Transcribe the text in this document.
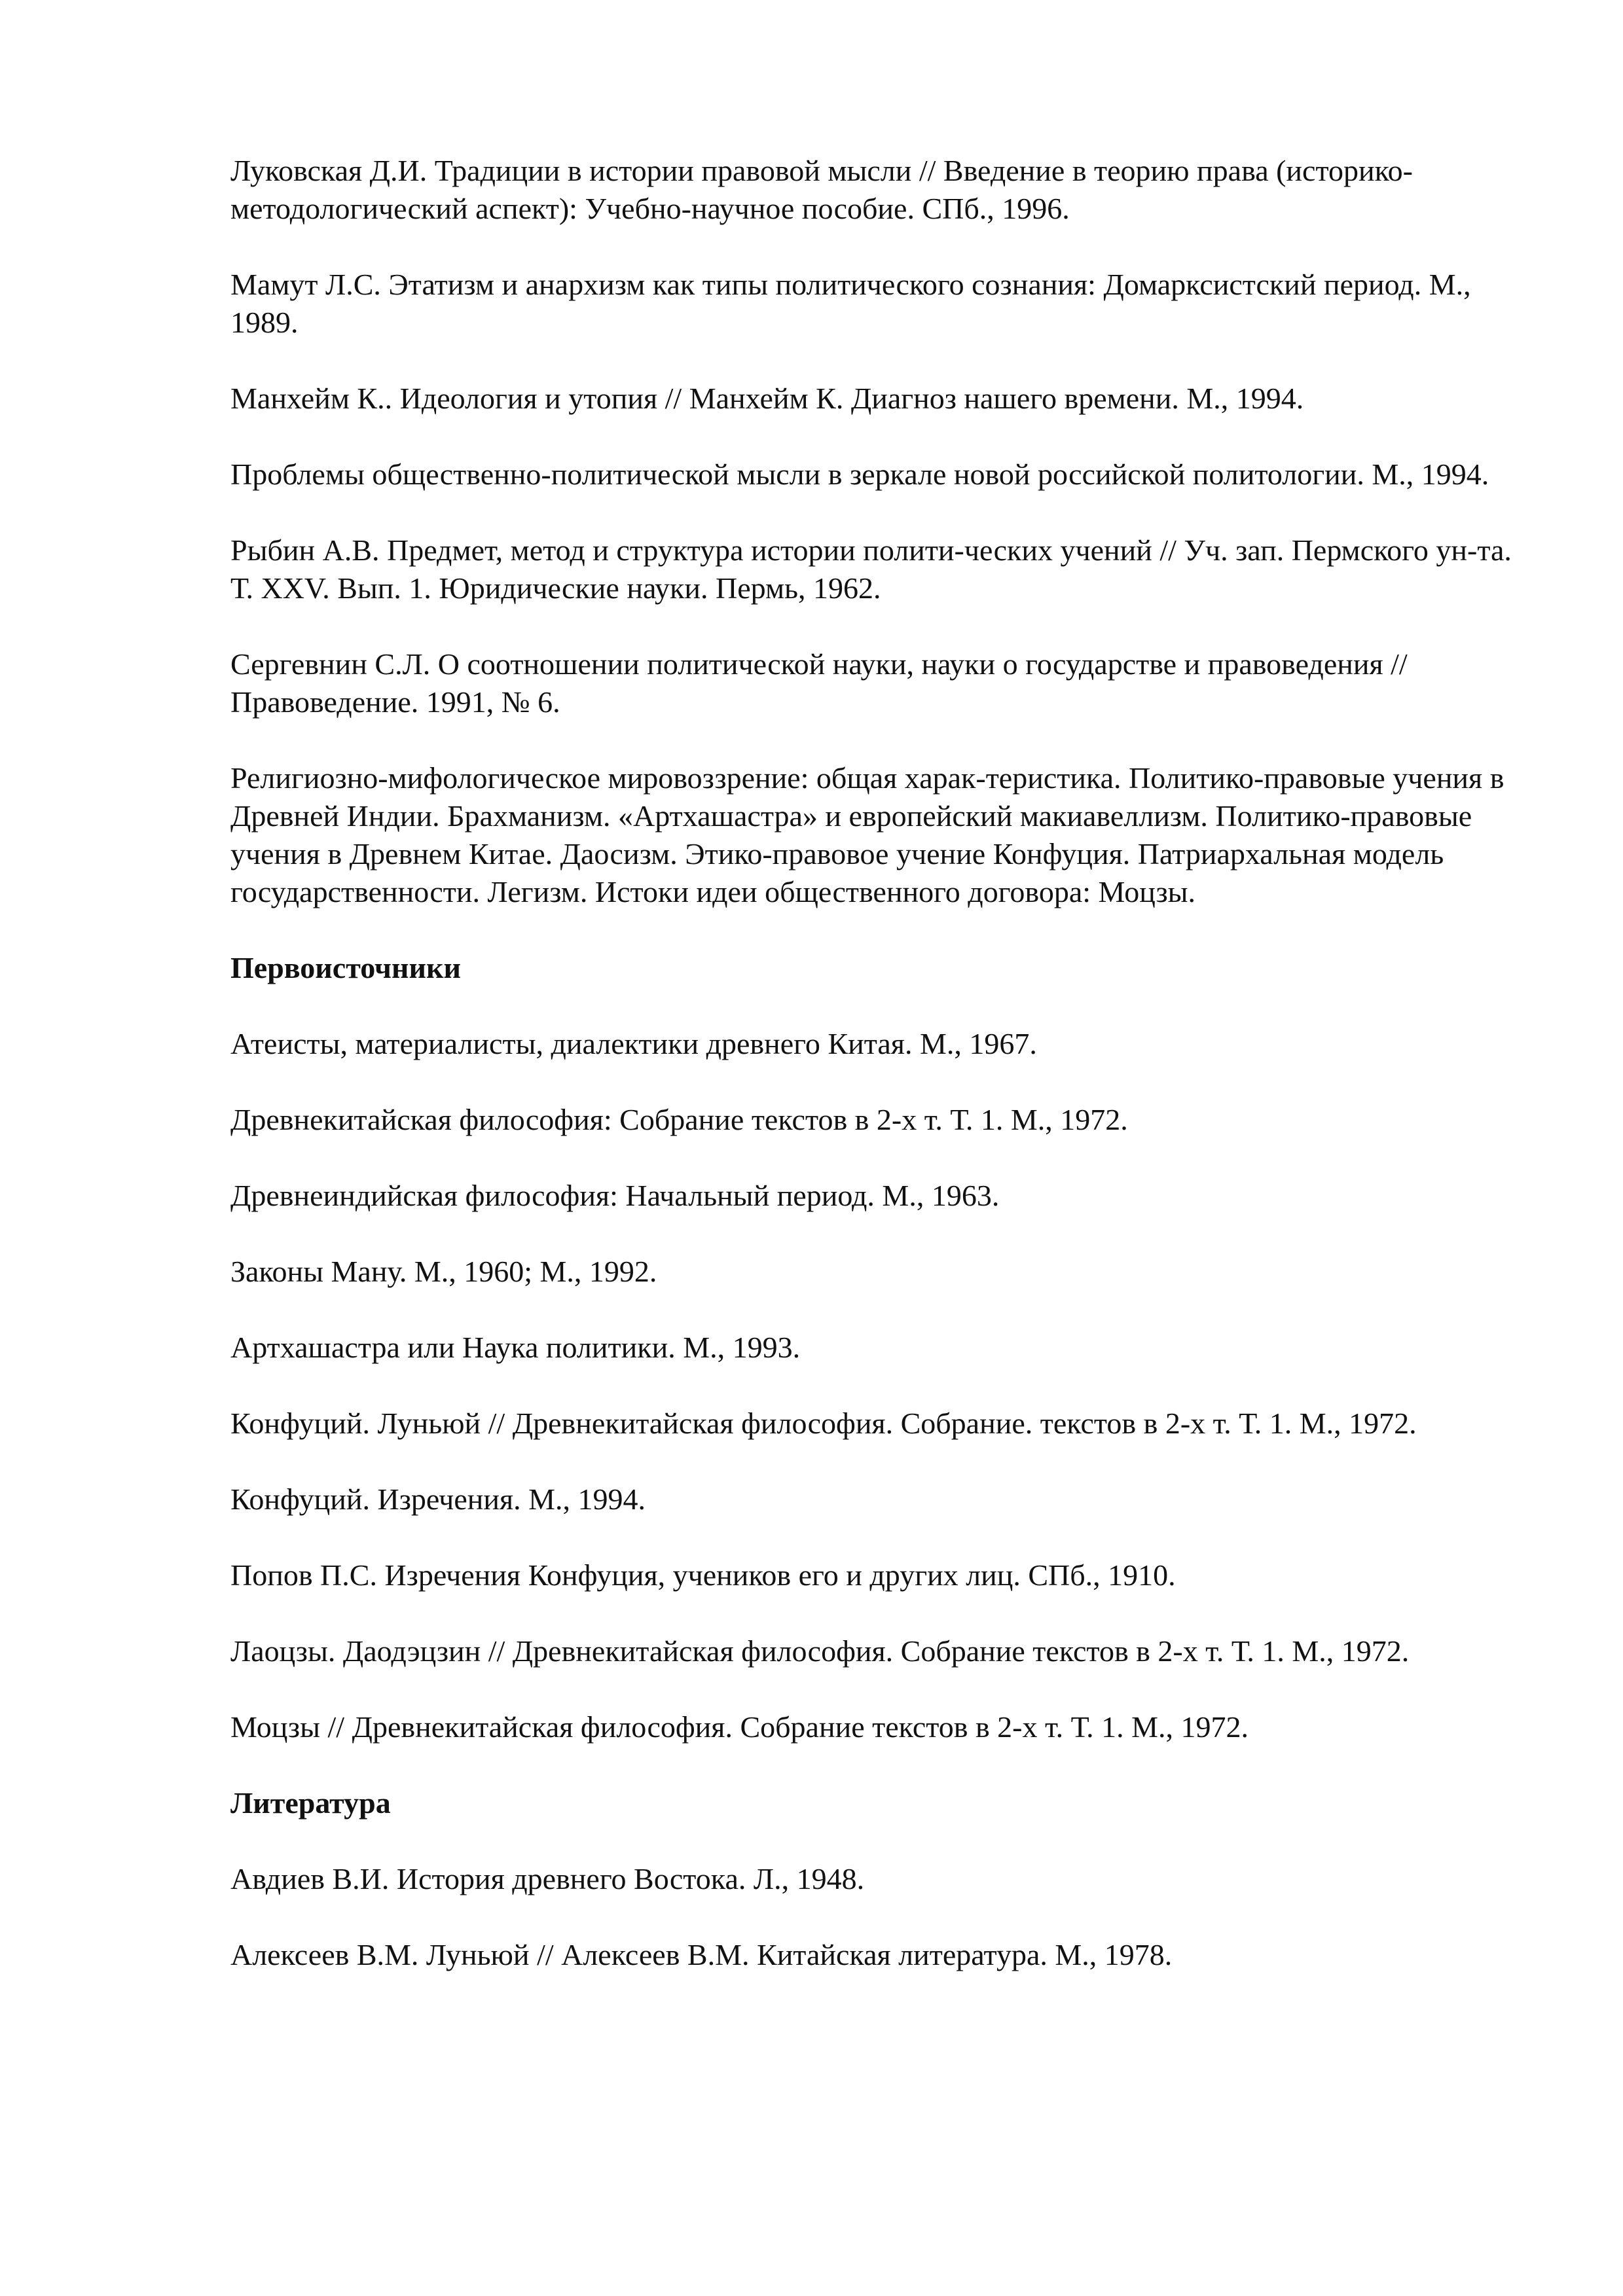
Луковская Д.И. Традиции в истории правовой мысли // Введение в теорию права (историко-методологический аспект): Учебно-научное пособие. СПб., 1996.

Мамут Л.С. Этатизм и анархизм как типы политического сознания: Домарксистский период. М., 1989.

Манхейм К.. Идеология и утопия // Манхейм К. Диагноз нашего времени. М., 1994.

Проблемы общественно-политической мысли в зеркале новой российской политологии. М., 1994.

Рыбин А.В. Предмет, метод и структура истории полити-ческих учений // Уч. зап. Пермского ун-та. Т. XXV. Вып. 1. Юридические науки. Пермь, 1962.

Сергевнин С.Л. О соотношении политической науки, науки о государстве и правоведения // Правоведение. 1991, № 6.

Религиозно-мифологическое мировоззрение: общая харак-теристика. Политико-правовые учения в Древней Индии. Брахманизм. «Артхашастра» и европейский макиавеллизм. Политико-правовые учения в Древнем Китае. Даосизм. Этико-правовое учение Конфуция. Патриархальная модель государственности. Легизм. Истоки идеи общественного договора: Моцзы.

Первоисточники

Атеисты, материалисты, диалектики древнего Китая. М., 1967.

Древнекитайская философия: Собрание текстов в 2-х т. Т. 1. М., 1972.

Древнеиндийская философия: Начальный период. М., 1963.

Законы Ману. М., 1960; М., 1992.

Артхашастра или Наука политики. М., 1993.

Конфуций. Луньюй // Древнекитайская философия. Собрание. текстов в 2-х т. Т. 1. М., 1972.

Конфуций. Изречения. М., 1994.

Попов П.С. Изречения Конфуция, учеников его и других лиц. СПб., 1910.

Лаоцзы. Даодэцзин // Древнекитайская философия. Собрание текстов в 2-х т. Т. 1. М., 1972.

Моцзы // Древнекитайская философия. Собрание текстов в 2-х т. Т. 1. М., 1972.

Литература

Авдиев В.И. История древнего Востока. Л., 1948.

Алексеев В.М. Луньюй // Алексеев В.М. Китайская литература. М., 1978.
